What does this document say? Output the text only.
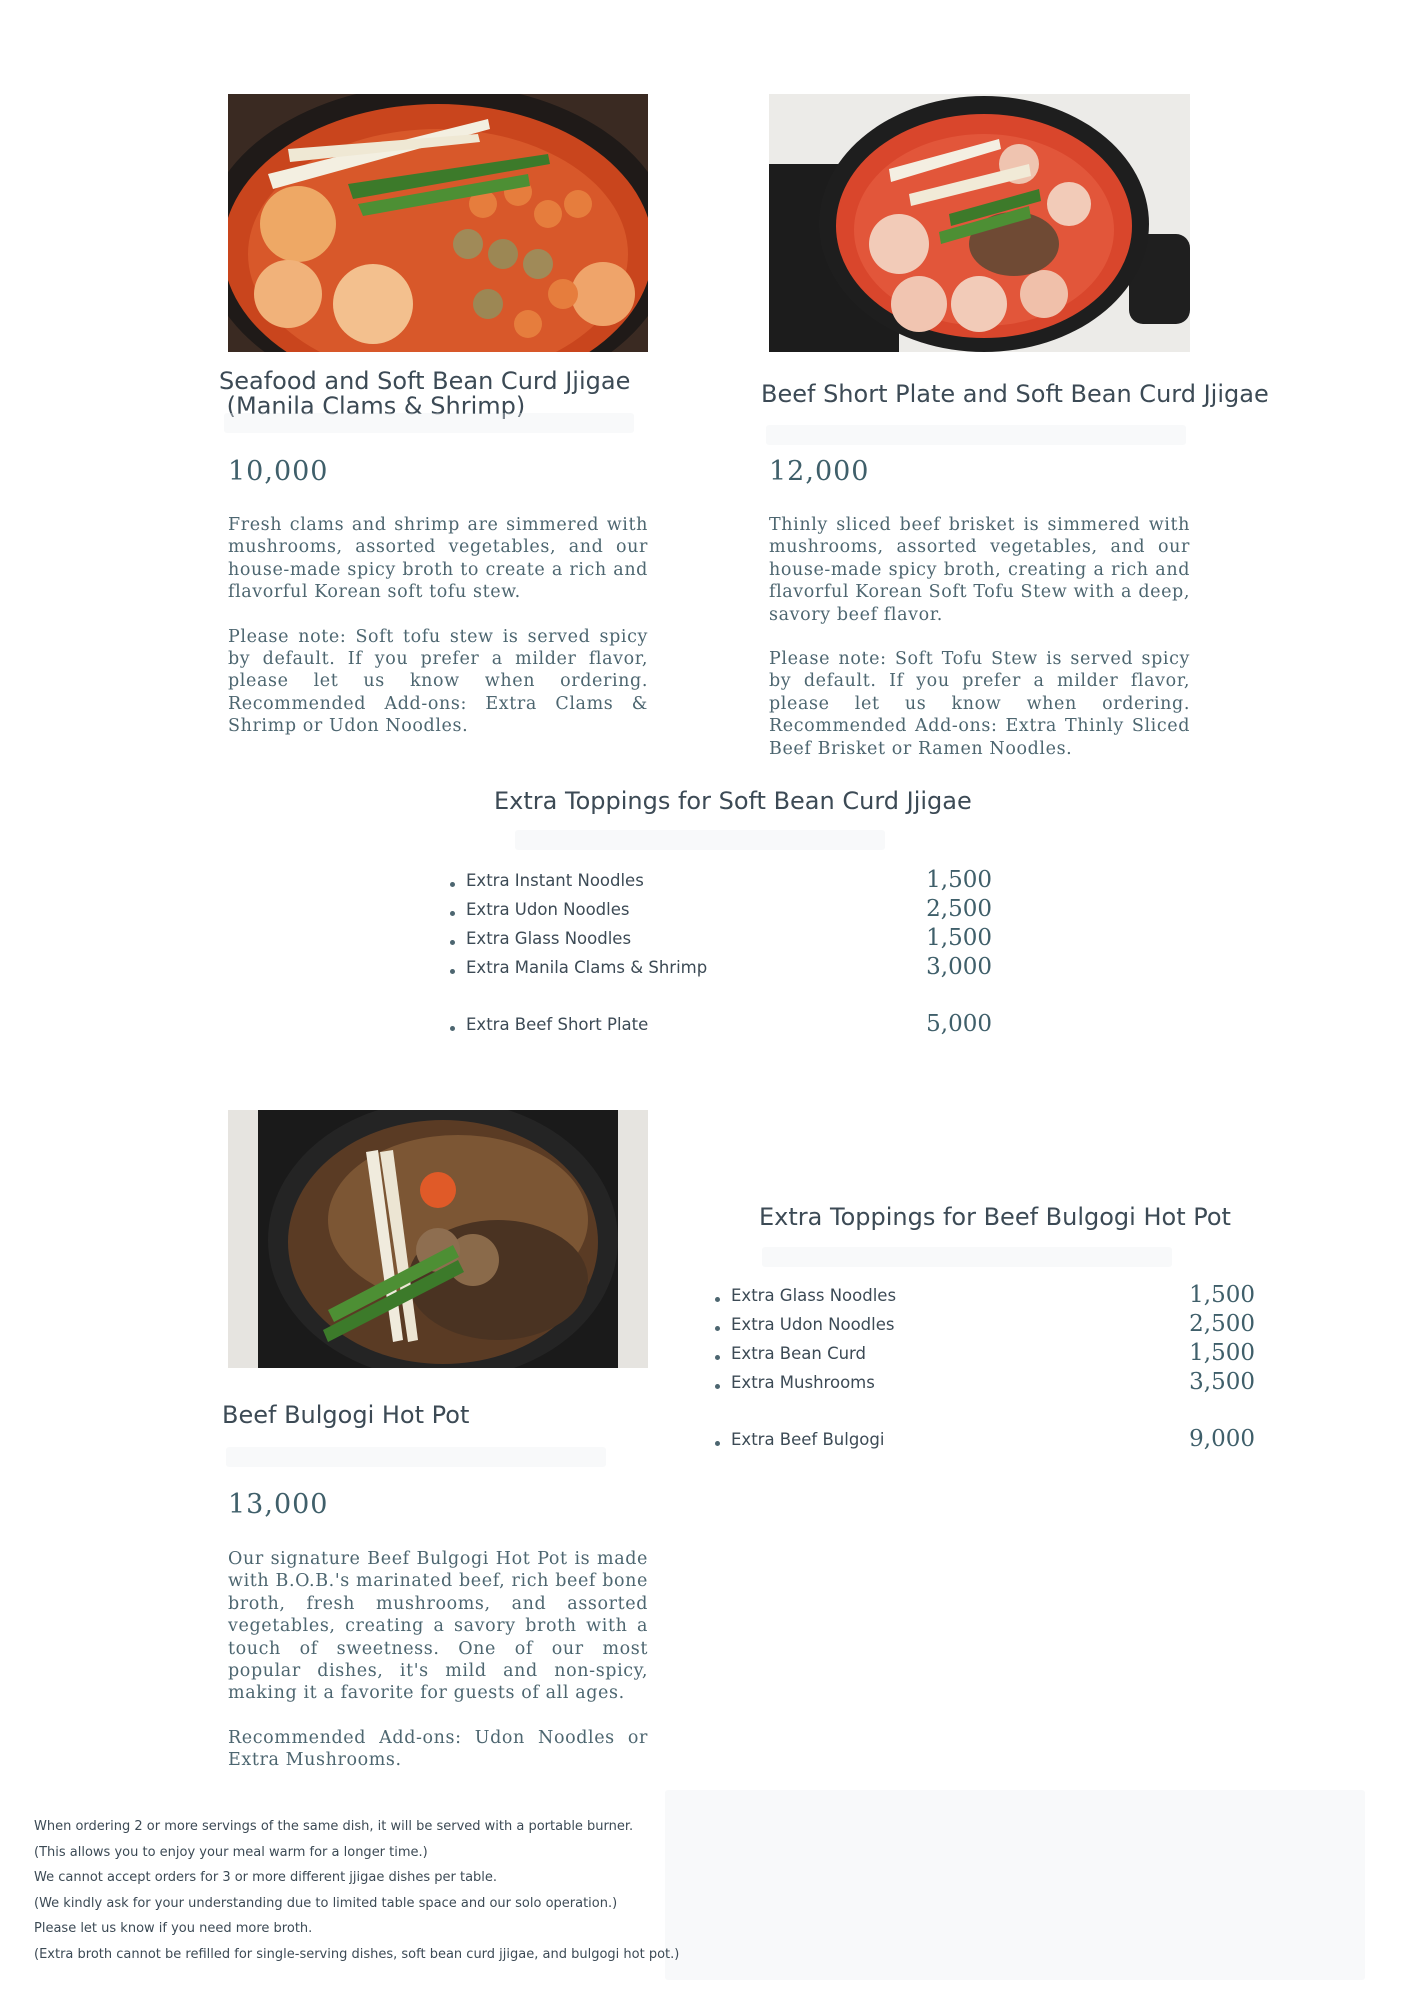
Seafood and Soft Bean Curd Jjigae
(Manila Clams & Shrimp)
10,000

Fresh clams and shrimp are simmered with mushrooms, assorted vegetables, and our house-made spicy broth to create a rich and flavorful Korean soft tofu stew.

Please note: Soft tofu stew is served spicy by default. If you prefer a milder flavor, please let us know when ordering. Recommended Add-ons: Extra Clams & Shrimp or Udon Noodles.

Beef Short Plate and Soft Bean Curd Jjigae
12,000

Thinly sliced beef brisket is simmered with mushrooms, assorted vegetables, and our house-made spicy broth, creating a rich and flavorful Korean Soft Tofu Stew with a deep, savory beef flavor.

Please note: Soft Tofu Stew is served spicy by default. If you prefer a milder flavor, please let us know when ordering. Recommended Add-ons: Extra Thinly Sliced Beef Brisket or Ramen Noodles.

Extra Toppings for Soft Bean Curd Jjigae
Extra Instant Noodles	1,500
Extra Udon Noodles	2,500
Extra Glass Noodles	1,500
Extra Manila Clams & Shrimp	3,000
Extra Beef Short Plate	5,000
Beef Bulgogi Hot Pot
13,000

Our signature Beef Bulgogi Hot Pot is made with B.O.B.'s marinated beef, rich beef bone broth, fresh mushrooms, and assorted vegetables, creating a savory broth with a touch of sweetness. One of our most popular dishes, it's mild and non-spicy, making it a favorite for guests of all ages.

Recommended Add-ons: Udon Noodles or Extra Mushrooms.

Extra Toppings for Beef Bulgogi Hot Pot
Extra Glass Noodles	1,500
Extra Udon Noodles	2,500
Extra Bean Curd	1,500
Extra Mushrooms	3,500
Extra Beef Bulgogi	9,000
When ordering 2 or more servings of the same dish, it will be served with a portable burner.
(This allows you to enjoy your meal warm for a longer time.)
We cannot accept orders for 3 or more different jjigae dishes per table.
(We kindly ask for your understanding due to limited table space and our solo operation.)
Please let us know if you need more broth.
(Extra broth cannot be refilled for single-serving dishes, soft bean curd jjigae, and bulgogi hot pot.)
